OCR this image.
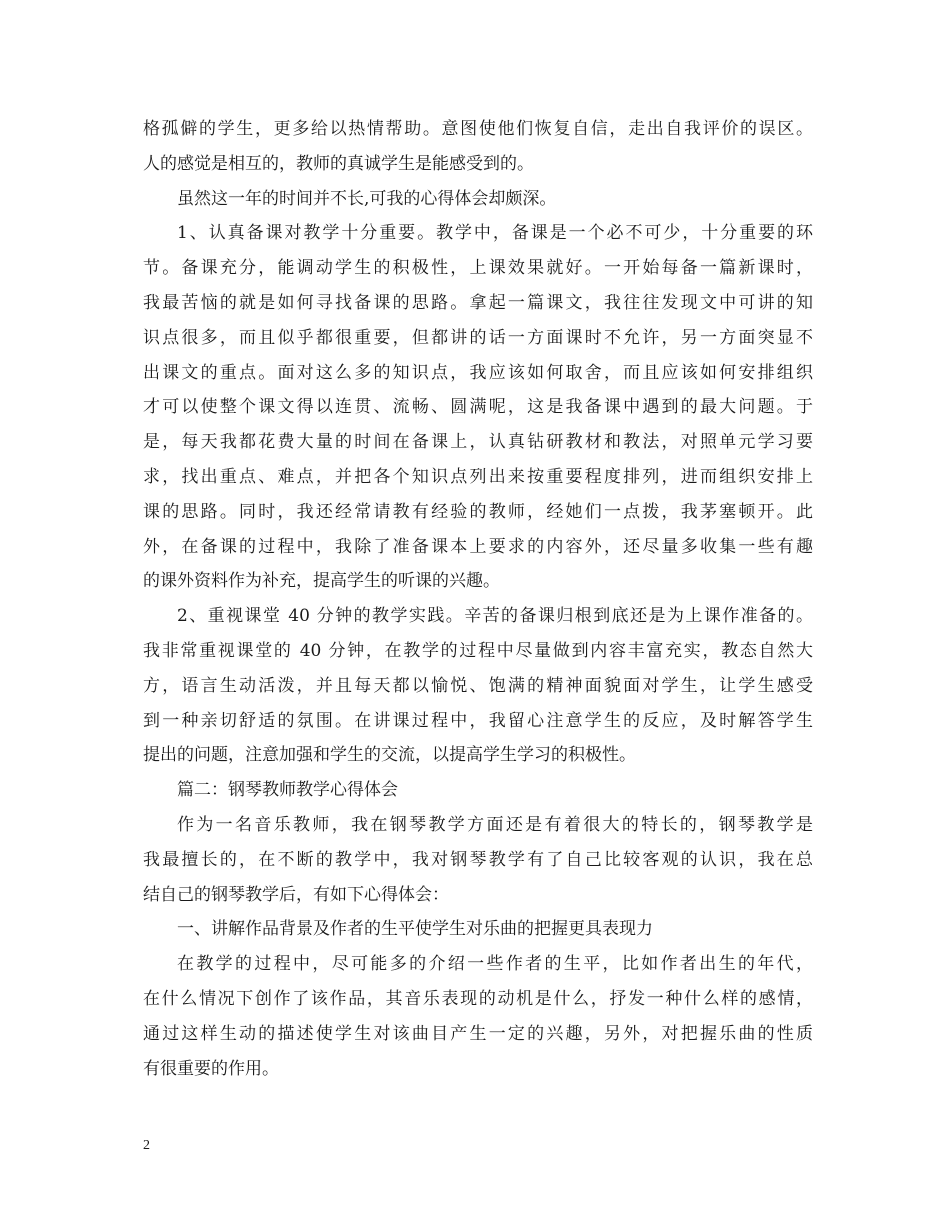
格孤僻的学生，更多给以热情帮助。意图使他们恢复自信，走出自我评价的误区。
人的感觉是相互的，教师的真诚学生是能感受到的。
虽然这一年的时间并不长,可我的心得体会却颇深。
1、认真备课对教学十分重要。教学中，备课是一个必不可少，十分重要的环
节。备课充分，能调动学生的积极性，上课效果就好。一开始每备一篇新课时，
我最苦恼的就是如何寻找备课的思路。拿起一篇课文，我往往发现文中可讲的知
识点很多，而且似乎都很重要，但都讲的话一方面课时不允许，另一方面突显不
出课文的重点。面对这么多的知识点，我应该如何取舍，而且应该如何安排组织
才可以使整个课文得以连贯、流畅、圆满呢，这是我备课中遇到的最大问题。于
是，每天我都花费大量的时间在备课上，认真钻研教材和教法，对照单元学习要
求，找出重点、难点，并把各个知识点列出来按重要程度排列，进而组织安排上
课的思路。同时，我还经常请教有经验的教师，经她们一点拨，我茅塞顿开。此
外，在备课的过程中，我除了准备课本上要求的内容外，还尽量多收集一些有趣
的课外资料作为补充，提高学生的听课的兴趣。
2、重视课堂 40 分钟的教学实践。辛苦的备课归根到底还是为上课作准备的。
我非常重视课堂的 40 分钟，在教学的过程中尽量做到内容丰富充实，教态自然大
方，语言生动活泼，并且每天都以愉悦、饱满的精神面貌面对学生，让学生感受
到一种亲切舒适的氛围。在讲课过程中，我留心注意学生的反应，及时解答学生
提出的问题，注意加强和学生的交流，以提高学生学习的积极性。
篇二：钢琴教师教学心得体会
作为一名音乐教师，我在钢琴教学方面还是有着很大的特长的，钢琴教学是
我最擅长的，在不断的教学中，我对钢琴教学有了自己比较客观的认识，我在总
结自己的钢琴教学后，有如下心得体会：
一、讲解作品背景及作者的生平使学生对乐曲的把握更具表现力
在教学的过程中，尽可能多的介绍一些作者的生平，比如作者出生的年代，
在什么情况下创作了该作品，其音乐表现的动机是什么，抒发一种什么样的感情，
通过这样生动的描述使学生对该曲目产生一定的兴趣，另外，对把握乐曲的性质
有很重要的作用。
2
